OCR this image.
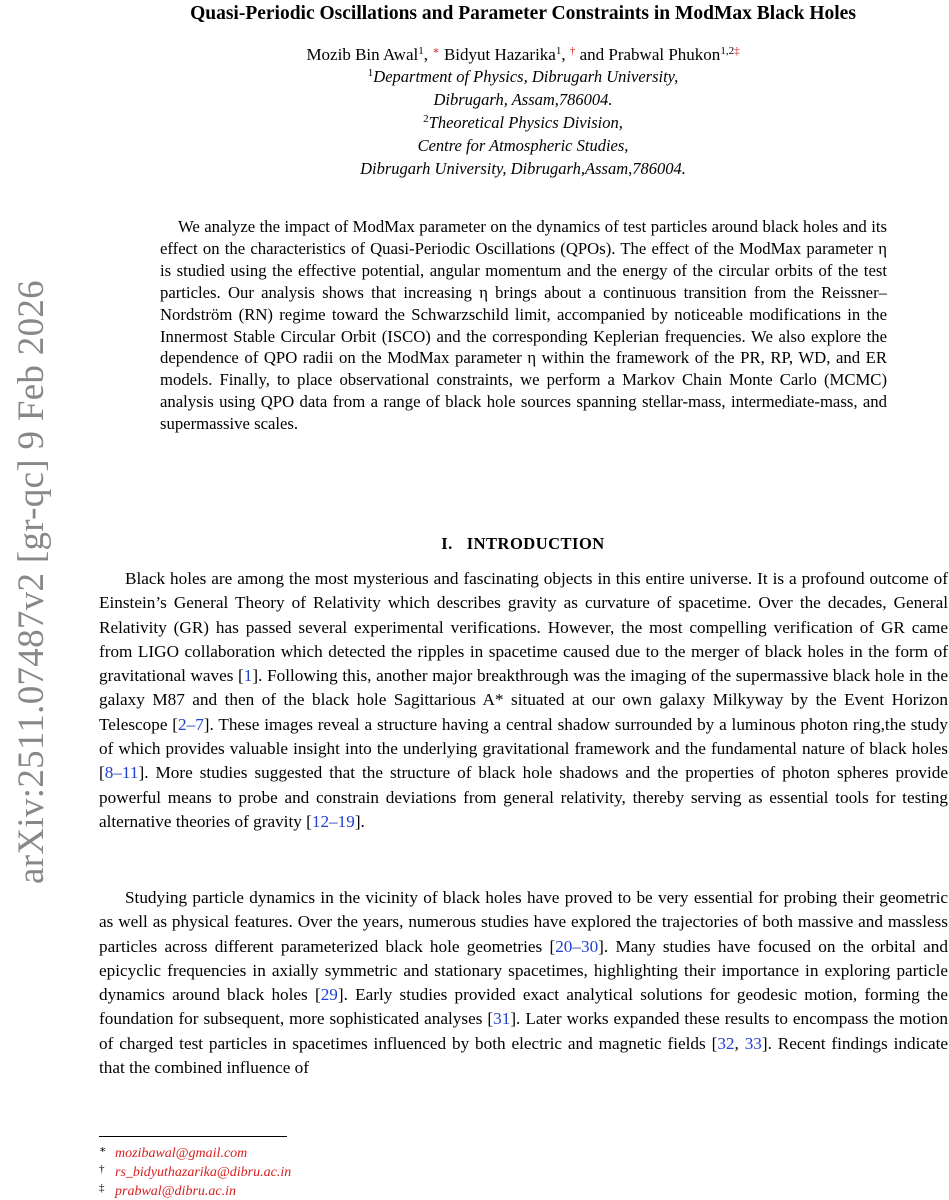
arXiv:2511.07487v2 [gr-qc] 9 Feb 2026
Quasi-Periodic Oscillations and Parameter Constraints in ModMax Black Holes
Mozib Bin Awal$^1$, ∗ Bidyut Hazarika$^1$, † and Prabwal Phukon$^{1,2\ddagger}$
$^1$Department of Physics, Dibrugarh University,
Dibrugarh, Assam,786004.
$^2$Theoretical Physics Division,
Centre for Atmospheric Studies,
Dibrugarh University, Dibrugarh,Assam,786004.

We analyze the impact of ModMax parameter on the dynamics of test particles around black holes and its effect on the characteristics of Quasi-Periodic Oscillations (QPOs). The effect of the ModMax parameter η is studied using the effective potential, angular momentum and the energy of the circular orbits of the test particles. Our analysis shows that increasing η brings about a continuous transition from the Reissner–Nordström (RN) regime toward the Schwarzschild limit, accompanied by noticeable modifications in the Innermost Stable Circular Orbit (ISCO) and the corresponding Keplerian frequencies. We also explore the dependence of QPO radii on the ModMax parameter η within the framework of the PR, RP, WD, and ER models. Finally, to place observational constraints, we perform a Markov Chain Monte Carlo (MCMC) analysis using QPO data from a range of black hole sources spanning stellar-mass, intermediate-mass, and supermassive scales.

I. INTRODUCTION

Black holes are among the most mysterious and fascinating objects in this entire universe. It is a profound outcome of Einstein’s General Theory of Relativity which describes gravity as curvature of spacetime. Over the decades, General Relativity (GR) has passed several experimental verifications. However, the most compelling verification of GR came from LIGO collaboration which detected the ripples in spacetime caused due to the merger of black holes in the form of gravitational waves [1]. Following this, another major breakthrough was the imaging of the supermassive black hole in the galaxy M87 and then of the black hole Sagittarious A* situated at our own galaxy Milkyway by the Event Horizon Telescope [2–7]. These images reveal a structure having a central shadow surrounded by a luminous photon ring,the study of which provides valuable insight into the underlying gravitational framework and the fundamental nature of black holes [8–11]. More studies suggested that the structure of black hole shadows and the properties of photon spheres provide powerful means to probe and constrain deviations from general relativity, thereby serving as essential tools for testing alternative theories of gravity [12–19].

Studying particle dynamics in the vicinity of black holes have proved to be very essential for probing their geometric as well as physical features. Over the years, numerous studies have explored the trajectories of both massive and massless particles across different parameterized black hole geometries [20–30]. Many studies have focused on the orbital and epicyclic frequencies in axially symmetric and stationary spacetimes, highlighting their importance in exploring particle dynamics around black holes [29]. Early studies provided exact analytical solutions for geodesic motion, forming the foundation for subsequent, more sophisticated analyses [31]. Later works expanded these results to encompass the motion of charged test particles in spacetimes influenced by both electric and magnetic fields [32, 33]. Recent findings indicate that the combined influence of

∗ mozibawal@gmail.com
† rs_bidyuthazarika@dibru.ac.in
‡ prabwal@dibru.ac.in
